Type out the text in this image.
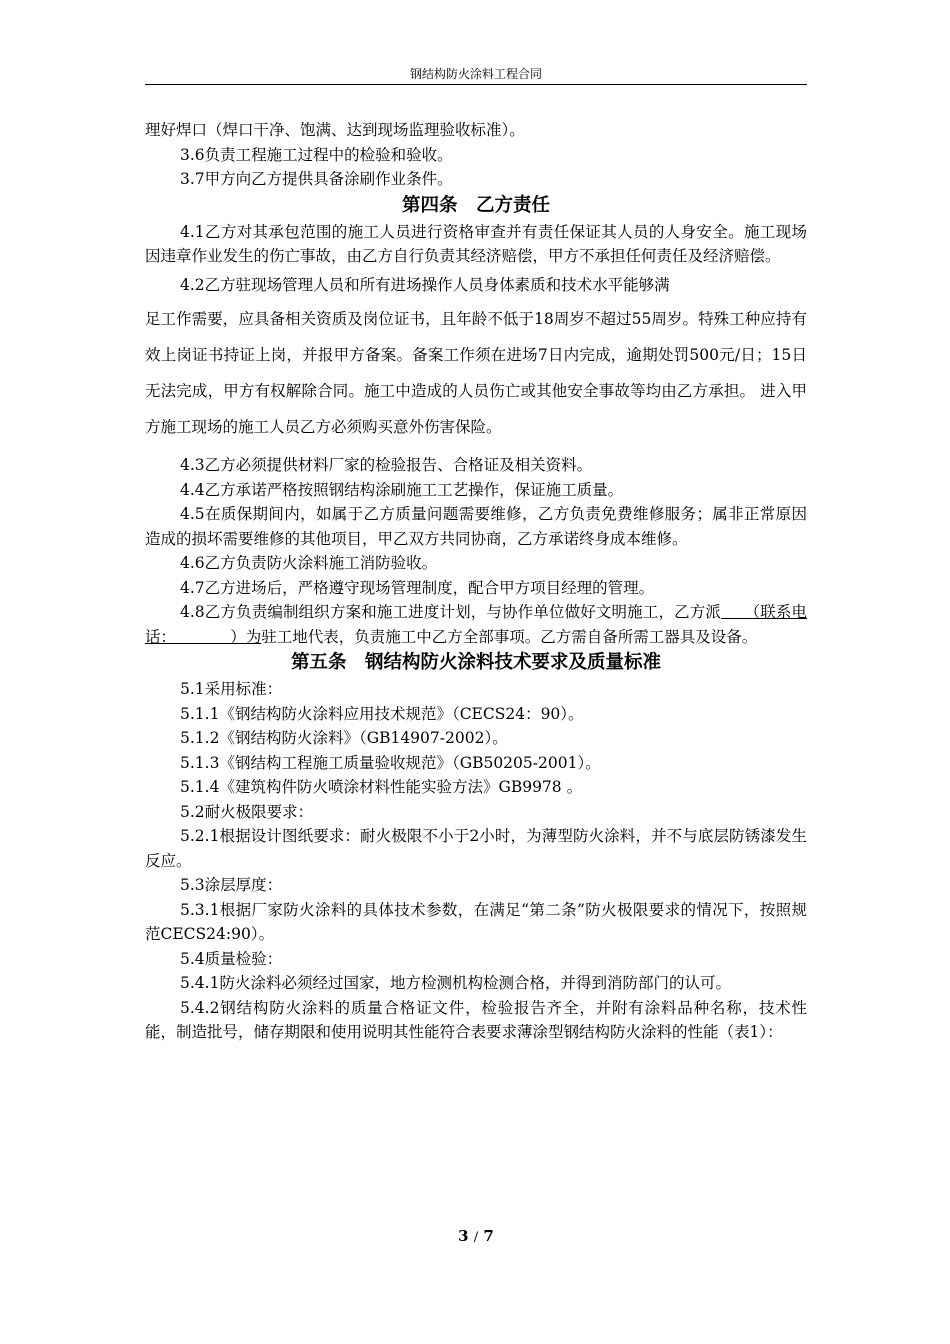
钢结构防火涂料工程合同

理好焊口（焊口干净、饱满、达到现场监理验收标准）。

3.6负责工程施工过程中的检验和验收。

3.7甲方向乙方提供具备涂刷作业条件。

第四条　乙方责任

4.1乙方对其承包范围的施工人员进行资格审查并有责任保证其人员的人身安全。施工现场因违章作业发生的伤亡事故，由乙方自行负责其经济赔偿，甲方不承担任何责任及经济赔偿。

4.2乙方驻现场管理人员和所有进场操作人员身体素质和技术水平能够满

足工作需要，应具备相关资质及岗位证书，且年龄不低于18周岁不超过55周岁。特殊工种应持有效上岗证书持证上岗，并报甲方备案。备案工作须在进场7日内完成，逾期处罚500元/日；15日无法完成，甲方有权解除合同。施工中造成的人员伤亡或其他安全事故等均由乙方承担。 进入甲方施工现场的施工人员乙方必须购买意外伤害保险。

4.3乙方必须提供材料厂家的检验报告、合格证及相关资料。

4.4乙方承诺严格按照钢结构涂刷施工工艺操作，保证施工质量。

4.5在质保期间内，如属于乙方质量问题需要维修，乙方负责免费维修服务；属非正常原因造成的损坏需要维修的其他项目，甲乙双方共同协商，乙方承诺终身成本维修。

4.6乙方负责防火涂料施工消防验收。

4.7乙方进场后，严格遵守现场管理制度，配合甲方项目经理的管理。

4.8乙方负责编制组织方案和施工进度计划，与协作单位做好文明施工，乙方派　　（联系电话：　　　　）为驻工地代表，负责施工中乙方全部事项。乙方需自备所需工器具及设备。

第五条　钢结构防火涂料技术要求及质量标准

5.1采用标准：

5.1.1《钢结构防火涂料应用技术规范》（CECS24：90）。

5.1.2《钢结构防火涂料》（GB14907-2002）。

5.1.3《钢结构工程施工质量验收规范》（GB50205-2001）。

5.1.4《建筑构件防火喷涂材料性能实验方法》GB9978 。

5.2耐火极限要求：

5.2.1根据设计图纸要求：耐火极限不小于2小时，为薄型防火涂料，并不与底层防锈漆发生反应。

5.3涂层厚度：

5.3.1根据厂家防火涂料的具体技术参数，在满足“第二条”防火极限要求的情况下，按照规范CECS24:90）。

5.4质量检验：

5.4.1防火涂料必须经过国家，地方检测机构检测合格，并得到消防部门的认可。

5.4.2钢结构防火涂料的质量合格证文件，检验报告齐全，并附有涂料品种名称，技术性能，制造批号，储存期限和使用说明其性能符合表要求薄涂型钢结构防火涂料的性能（表1）：

3 / 7
